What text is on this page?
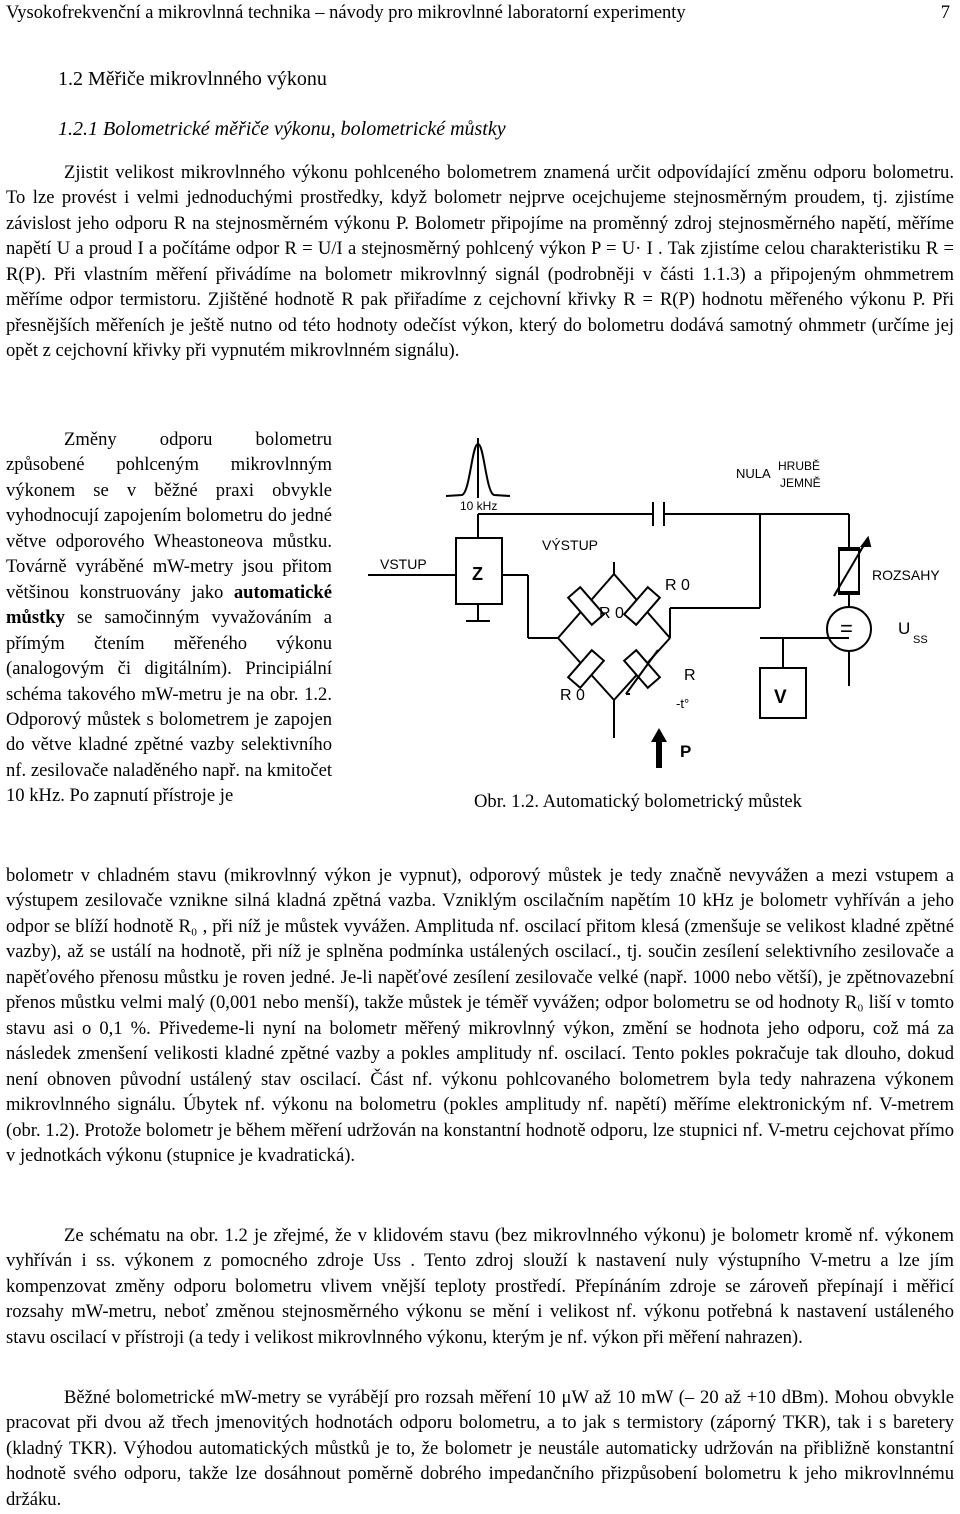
Vysokofrekvenční a mikrovlnná technika – návody pro mikrovlnné laboratorní experimenty	7
1.2 Měřiče mikrovlnného výkonu
1.2.1 Bolometrické měřiče výkonu, bolometrické můstky

Zjistit velikost mikrovlnného výkonu pohlceného bolometrem znamená určit odpovídající změnu odporu bolometru. To lze provést i velmi jednoduchými prostředky, když bolometr nejprve ocejchujeme stejnosměrným proudem, tj. zjistíme závislost jeho odporu R na stejnosměrném výkonu P. Bolometr připojíme na proměnný zdroj stejnosměrného napětí, měříme napětí U a proud I a počítáme odpor R = U/I a stejnosměrný pohlcený výkon P = U· I . Tak zjistíme celou charakteristiku R = R(P). Při vlastním měření přivádíme na bolometr mikrovlnný signál (podrobněji v části 1.1.3) a připojeným ohmmetrem měříme odpor termistoru. Zjištěné hodnotě R pak přiřadíme z cejchovní křivky R = R(P) hodnotu měřeného výkonu P. Při přesnějších měřeních je ještě nutno od této hodnoty odečíst výkon, který do bolometru dodává samotný ohmmetr (určíme jej opět z cejchovní křivky při vypnutém mikrovlnném signálu).

Změny odporu bolometru způsobené pohlceným mikrovlnným výkonem se v běžné praxi obvykle vyhodnocují zapojením bolometru do jedné větve odporového Wheastoneova můstku. Továrně vyráběné mW-metry jsou přitom většinou konstruovány jako automatické můstky se samočinným vyvažováním a přímým čtením měřeného výkonu (analogovým či digitálním). Principiální schéma takového mW-metru je na obr. 1.2. Odporový můstek s bolometrem je zapojen do větve kladné zpětné vazby selektivního nf. zesilovače naladěného např. na kmitočet 10 kHz. Po zapnutí přístroje je

10 kHz
VSTUP	Z
VÝSTUP
R 0
R 0
R 0
R
-t°
P
NULA HRUBĚ
JEMNĚ
ROZSAHY
=	U
SS
V
Obr. 1.2. Automatický bolometrický můstek

bolometr v chladném stavu (mikrovlnný výkon je vypnut), odporový můstek je tedy značně nevyvážen a mezi vstupem a výstupem zesilovače vznikne silná kladná zpětná vazba. Vzniklým oscilačním napětím 10 kHz je bolometr vyhříván a jeho odpor se blíží hodnotě R₀ , při níž je můstek vyvážen. Amplituda nf. oscilací přitom klesá (zmenšuje se velikost kladné zpětné vazby), až se ustálí na hodnotě, při níž je splněna podmínka ustálených oscilací., tj. součin zesílení selektivního zesilovače a napěťového přenosu můstku je roven jedné. Je-li napěťové zesílení zesilovače velké (např. 1000 nebo větší), je zpětnovazební přenos můstku velmi malý (0,001 nebo menší), takže můstek je téměř vyvážen; odpor bolometru se od hodnoty R₀ liší v tomto stavu asi o 0,1 %. Přivedeme-li nyní na bolometr měřený mikrovlnný výkon, změní se hodnota jeho odporu, což má za následek zmenšení velikosti kladné zpětné vazby a pokles amplitudy nf. oscilací. Tento pokles pokračuje tak dlouho, dokud není obnoven původní ustálený stav oscilací. Část nf. výkonu pohlcovaného bolometrem byla tedy nahrazena výkonem mikrovlnného signálu. Úbytek nf. výkonu na bolometru (pokles amplitudy nf. napětí) měříme elektronickým nf. V-metrem (obr. 1.2). Protože bolometr je během měření udržován na konstantní hodnotě odporu, lze stupnici nf. V-metru cejchovat přímo v jednotkách výkonu (stupnice je kvadratická).

Ze schématu na obr. 1.2 je zřejmé, že v klidovém stavu (bez mikrovlnného výkonu) je bolometr kromě nf. výkonem vyhříván i ss. výkonem z pomocného zdroje Uss . Tento zdroj slouží k nastavení nuly výstupního V-metru a lze jím kompenzovat změny odporu bolometru vlivem vnější teploty prostředí. Přepínáním zdroje se zároveň přepínají i měřicí rozsahy mW-metru, neboť změnou stejnosměrného výkonu se mění i velikost nf. výkonu potřebná k nastavení ustáleného stavu oscilací v přístroji (a tedy i velikost mikrovlnného výkonu, kterým je nf. výkon při měření nahrazen).

Běžné bolometrické mW-metry se vyrábějí pro rozsah měření 10 μW až 10 mW (– 20 až +10 dBm). Mohou obvykle pracovat při dvou až třech jmenovitých hodnotách odporu bolometru, a to jak s termistory (záporný TKR), tak i s baretery (kladný TKR). Výhodou automatických můstků je to, že bolometr je neustále automaticky udržován na přibližně konstantní hodnotě svého odporu, takže lze dosáhnout poměrně dobrého impedančního přizpůsobení bolometru k jeho mikrovlnnému držáku.
